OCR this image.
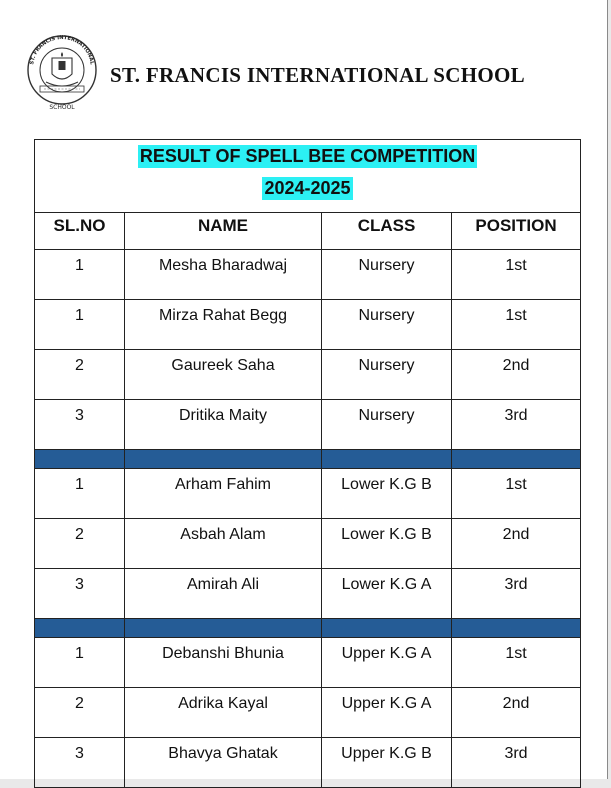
ST. FRANCIS INTERNATIONAL
SCHOOL
ST. FRANCIS INTERNATIONAL SCHOOL
RESULT OF SPELL BEE COMPETITION
2024-2025			
SL.NO	NAME	CLASS	POSITION
1	Mesha Bharadwaj	Nursery	1st
1	Mirza Rahat Begg	Nursery	1st
2	Gaureek Saha	Nursery	2nd
3	Dritika Maity	Nursery	3rd

1	Arham Fahim	Lower K.G B	1st
2	Asbah Alam	Lower K.G B	2nd
3	Amirah Ali	Lower K.G A	3rd

1	Debanshi Bhunia	Upper K.G A	1st
2	Adrika Kayal	Upper K.G A	2nd
3	Bhavya Ghatak	Upper K.G B	3rd
